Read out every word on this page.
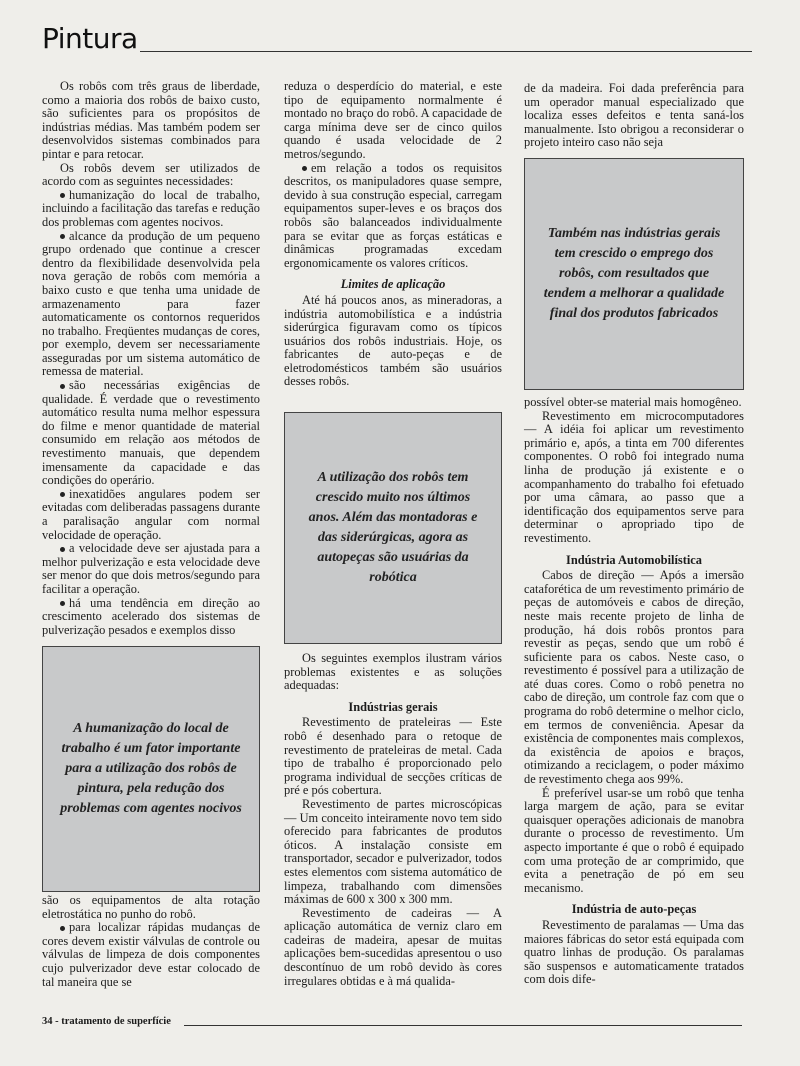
Pintura

Os robôs com três graus de liberdade, como a maioria dos robôs de baixo custo, são suficientes para os propósitos de indústrias médias. Mas também podem ser desenvolvidos sistemas combinados para pintar e para retocar.

Os robôs devem ser utilizados de acordo com as seguintes necessidades:

humanização do local de trabalho, incluindo a facilitação das tarefas e redução dos problemas com agentes nocivos.

alcance da produção de um pequeno grupo ordenado que continue a crescer dentro da flexibilidade desenvolvida pela nova geração de robôs com memória a baixo custo e que tenha uma unidade de armazenamento para fazer automaticamente os contornos requeridos no trabalho. Freqüentes mudanças de cores, por exemplo, devem ser necessariamente asseguradas por um sistema automático de remessa de material.

são necessárias exigências de qualidade. É verdade que o revestimento automático resulta numa melhor espessura do filme e menor quantidade de material consumido em relação aos métodos de revestimento manuais, que dependem imensamente da capacidade e das condições do operário.

inexatidões angulares podem ser evitadas com deliberadas passagens durante a paralisação angular com normal velocidade de operação.

a velocidade deve ser ajustada para a melhor pulverização e esta velocidade deve ser menor do que dois metros/segundo para facilitar a operação.

há uma tendência em direção ao crescimento acelerado dos sistemas de pulverização pesados e exemplos disso

são os equipamentos de alta rotação eletrostática no punho do robô.

para localizar rápidas mudanças de cores devem existir válvulas de controle ou válvulas de limpeza de dois componentes cujo pulverizador deve estar colocado de tal maneira que se

A humanização do local de trabalho é um fator importante para a utilização dos robôs de pintura, pela redução dos problemas com agentes nocivos

reduza o desperdício do material, e este tipo de equipamento normalmente é montado no braço do robô. A capacidade de carga mínima deve ser de cinco quilos quando é usada velocidade de 2 metros/segundo.

em relação a todos os requisitos descritos, os manipuladores quase sempre, devido à sua construção especial, carregam equipamentos super-leves e os braços dos robôs são balanceados individualmente para se evitar que as forças estáticas e dinâmicas programadas excedam ergonomicamente os valores críticos.

Limites de aplicação

Até há poucos anos, as mineradoras, a indústria automobilística e a indústria siderúrgica figuravam como os típicos usuários dos robôs industriais. Hoje, os fabricantes de auto-peças e de eletrodomésticos também são usuários desses robôs.

A utilização dos robôs tem crescido muito nos últimos anos. Além das montadoras e das siderúrgicas, agora as autopeças são usuárias da robótica

Os seguintes exemplos ilustram vários problemas existentes e as soluções adequadas:

Indústrias gerais

Revestimento de prateleiras — Este robô é desenhado para o retoque de revestimento de prateleiras de metal. Cada tipo de trabalho é proporcionado pelo programa individual de secções críticas de pré e pós cobertura.

Revestimento de partes microscópicas — Um conceito inteiramente novo tem sido oferecido para fabricantes de produtos óticos. A instalação consiste em transportador, secador e pulverizador, todos estes elementos com sistema automático de limpeza, trabalhando com dimensões máximas de 600 x 300 x 300 mm.

Revestimento de cadeiras — A aplicação automática de verniz claro em cadeiras de madeira, apesar de muitas aplicações bem-sucedidas apresentou o uso descontínuo de um robô devido às cores irregulares obtidas e à má qualida-

de da madeira. Foi dada preferência para um operador manual especializado que localiza esses defeitos e tenta saná-los manualmente. Isto obrigou a reconsiderar o projeto inteiro caso não seja

Também nas indústrias gerais tem crescido o emprego dos robôs, com resultados que tendem a melhorar a qualidade final dos produtos fabricados

possível obter-se material mais homogêneo.

Revestimento em microcomputadores — A idéia foi aplicar um revestimento primário e, após, a tinta em 700 diferentes componentes. O robô foi integrado numa linha de produção já existente e o acompanhamento do trabalho foi efetuado por uma câmara, ao passo que a identificação dos equipamentos serve para determinar o apropriado tipo de revestimento.

Indústria Automobilística

Cabos de direção — Após a imersão cataforética de um revestimento primário de peças de automóveis e cabos de direção, neste mais recente projeto de linha de produção, há dois robôs prontos para revestir as peças, sendo que um robô é suficiente para os cabos. Neste caso, o revestimento é possível para a utilização de até duas cores. Como o robô penetra no cabo de direção, um controle faz com que o programa do robô determine o melhor ciclo, em termos de conveniência. Apesar da existência de componentes mais complexos, da existência de apoios e braços, otimizando a reciclagem, o poder máximo de revestimento chega aos 99%.

É preferível usar-se um robô que tenha larga margem de ação, para se evitar quaisquer operações adicionais de manobra durante o processo de revestimento. Um aspecto importante é que o robô é equipado com uma proteção de ar comprimido, que evita a penetração de pó em seu mecanismo.

Indústria de auto-peças

Revestimento de paralamas — Uma das maiores fábricas do setor está equipada com quatro linhas de produção. Os paralamas são suspensos e automaticamente tratados com dois dife-

34 - tratamento de superfície
